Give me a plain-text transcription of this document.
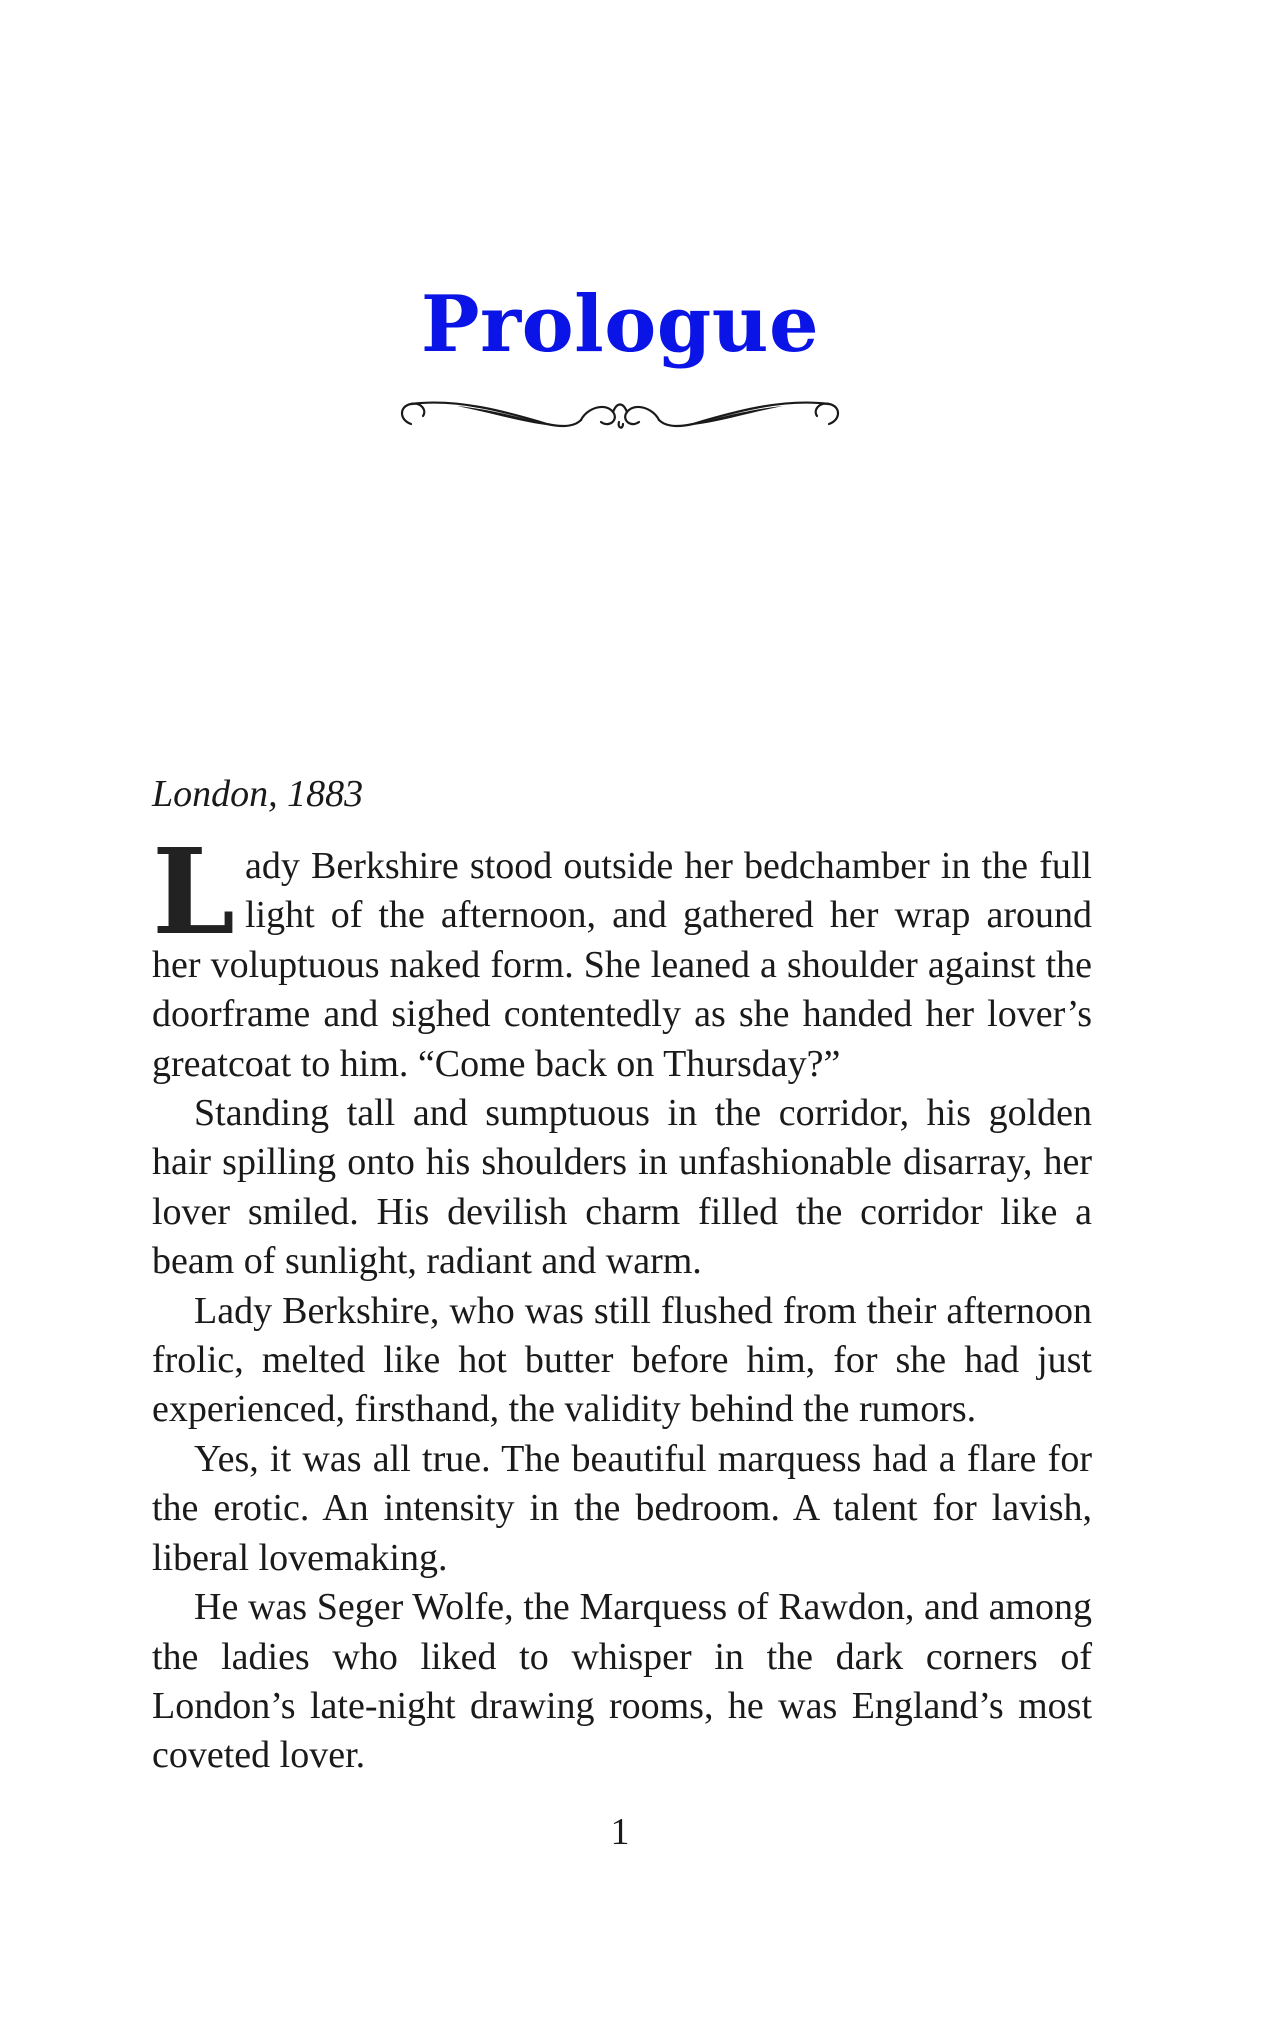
Prologue
London, 1883

Lady Berkshire stood outside her bedchamber in the full light of the afternoon, and gathered her wrap around her voluptuous naked form. She leaned a shoulder against the doorframe and sighed contentedly as she handed her lover’s greatcoat to him. “Come back on Thursday?”

Standing tall and sumptuous in the corridor, his golden hair spilling onto his shoulders in unfashionable disarray, her lover smiled. His devilish charm filled the corridor like a beam of sunlight, radiant and warm.

Lady Berkshire, who was still flushed from their afternoon frolic, melted like hot butter before him, for she had just experienced, firsthand, the validity behind the rumors.

Yes, it was all true. The beautiful marquess had a flare for the erotic. An intensity in the bedroom. A talent for lavish, liberal lovemaking.

He was Seger Wolfe, the Marquess of Rawdon, and among the ladies who liked to whisper in the dark corners of London’s late-night drawing rooms, he was England’s most coveted lover.

1
